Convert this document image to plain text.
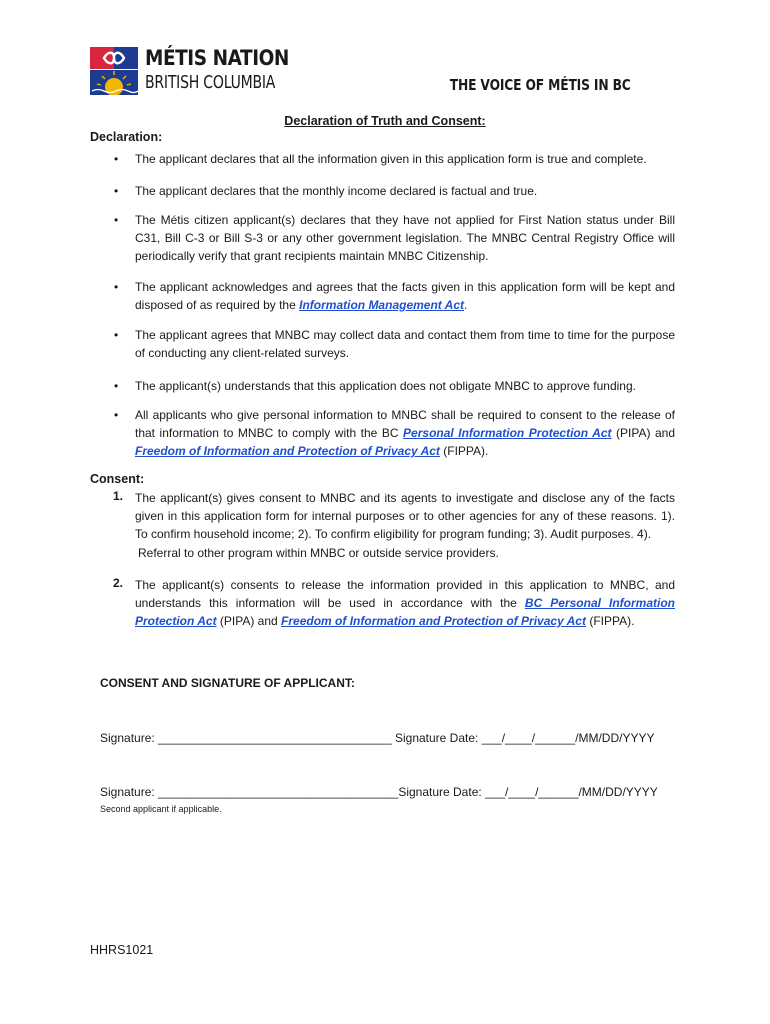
MÉTIS NATION
BRITISH COLUMBIA	THE VOICE OF MÉTIS IN BC
Declaration of Truth and Consent:
Declaration:
• The applicant declares that all the information given in this application form is true and complete.
• The applicant declares that the monthly income declared is factual and true.
• The Métis citizen applicant(s) declares that they have not applied for First Nation status under Bill C31, Bill C-3 or Bill S-3 or any other government legislation. The MNBC Central Registry Office will periodically verify that grant recipients maintain MNBC Citizenship.
• The applicant acknowledges and agrees that the facts given in this application form will be kept and disposed of as required by the Information Management Act.
• The applicant agrees that MNBC may collect data and contact them from time to time for the purpose of conducting any client-related surveys.
• The applicant(s) understands that this application does not obligate MNBC to approve funding.
• All applicants who give personal information to MNBC shall be required to consent to the release of that information to MNBC to comply with the BC Personal Information Protection Act (PIPA) and Freedom of Information and Protection of Privacy Act (FIPPA).
Consent:
1. The applicant(s) gives consent to MNBC and its agents to investigate and disclose any of the facts given in this application form for internal purposes or to other agencies for any of these reasons. 1). To confirm household income; 2). To confirm eligibility for program funding; 3). Audit purposes. 4).
Referral to other program within MNBC or outside service providers.
2. The applicant(s) consents to release the information provided in this application to MNBC, and understands this information will be used in accordance with the BC Personal Information Protection Act (PIPA) and Freedom of Information and Protection of Privacy Act (FIPPA).
CONSENT AND SIGNATURE OF APPLICANT:
Signature: ___________________________________ Signature Date: ___/____/______/MM/DD/YYYY
Signature: ____________________________________Signature Date: ___/____/______/MM/DD/YYYY
Second applicant if applicable.
HHRS1021
